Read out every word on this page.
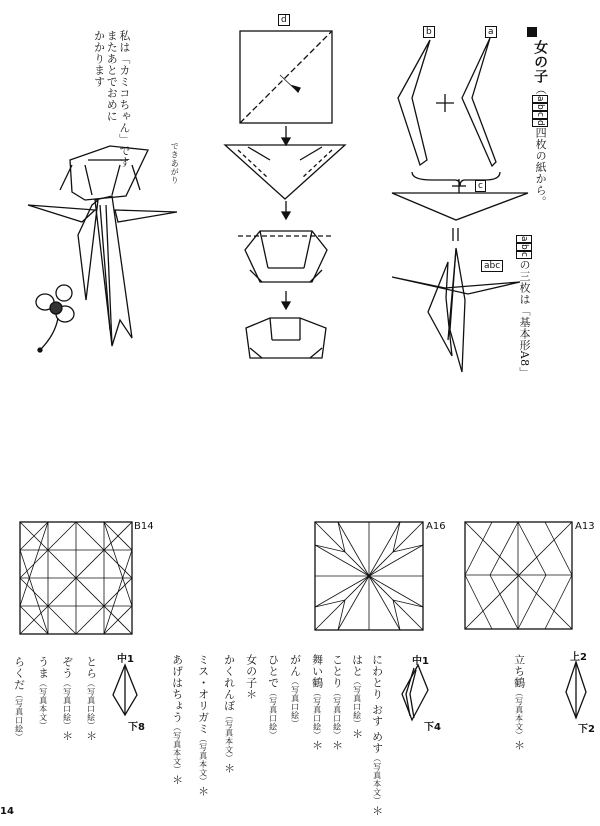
d
b	a
c
abc
女の子（abcd四枚の紙から。
abcの三枚は「基本形A8」
私は「カミコちゃん」です
またあとでおめに
かかります
できあがり
B14	A16	A13
中1
下8
中1
下4
上2
下2
立ち鶴（写真本文）＊
にわとり おす めす（写真本文）＊
はと（写真口絵）＊
ことり（写真口絵）＊
舞い鶴（写真口絵）＊
がん（写真口絵）
ひとで（写真口絵）
女の子＊
かくれんぼ（写真本文）＊
ミス・オリガミ（写真本文）＊
あげはちょう（写真本文）＊
とら（写真口絵）＊
ぞう（写真口絵）＊
うま（写真本文）
らくだ（写真口絵）
14
